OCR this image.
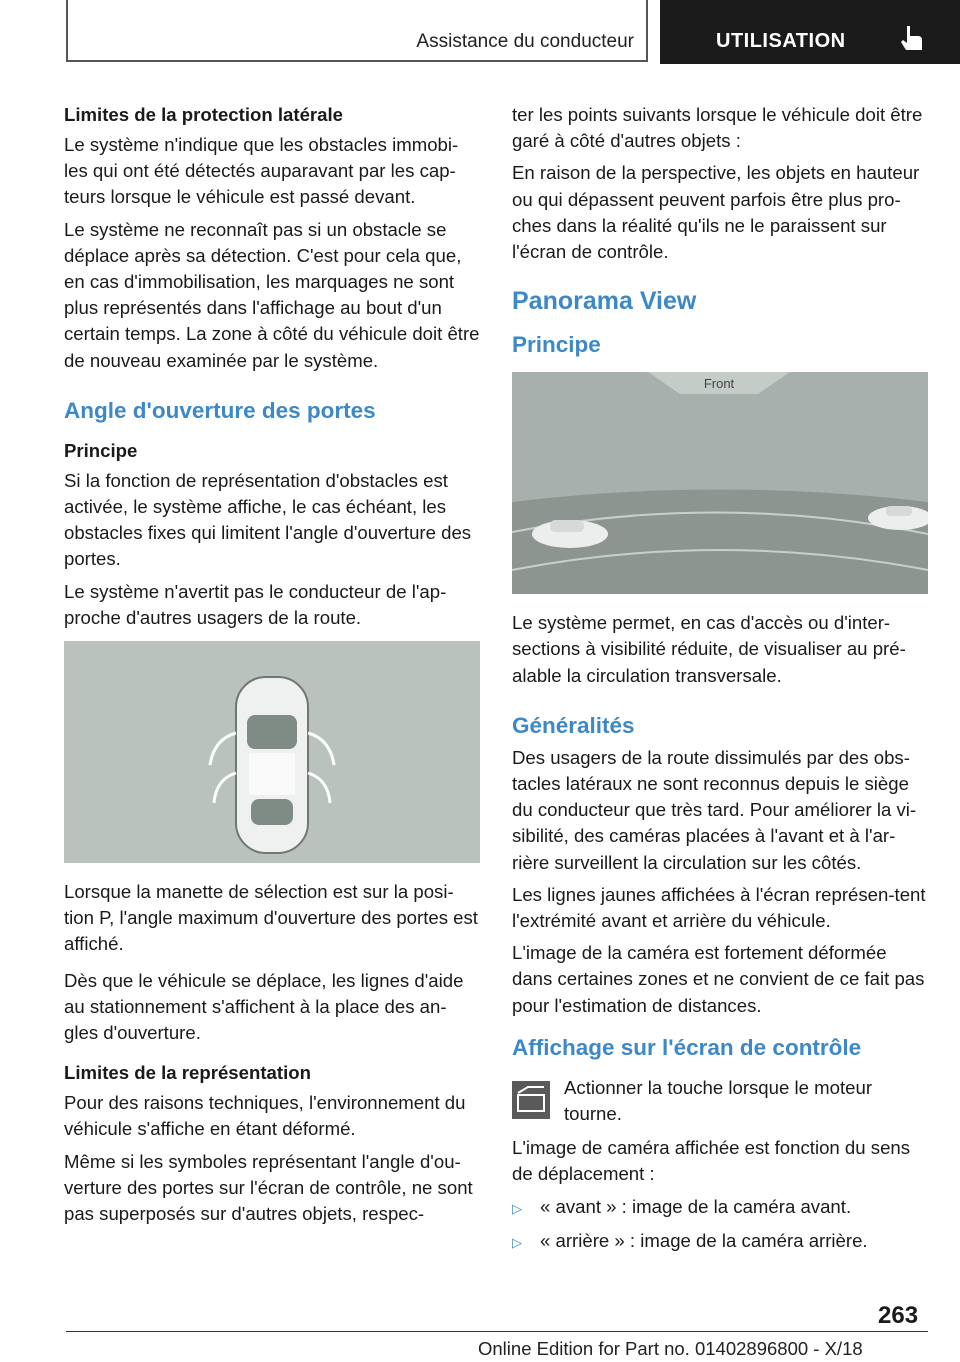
Assistance du conducteur	UTILISATION
Limites de la protection latérale

Le système n'indique que les obstacles immobi-les qui ont été détectés auparavant par les cap-teurs lorsque le véhicule est passé devant.

Le système ne reconnaît pas si un obstacle se déplace après sa détection. C'est pour cela que, en cas d'immobilisation, les marquages ne sont plus représentés dans l'affichage au bout d'un certain temps. La zone à côté du véhicule doit être de nouveau examinée par le système.

Angle d'ouverture des portes
Principe

Si la fonction de représentation d'obstacles est activée, le système affiche, le cas échéant, les obstacles fixes qui limitent l'angle d'ouverture des portes.

Le système n'avertit pas le conducteur de l'ap-proche d'autres usagers de la route.

Lorsque la manette de sélection est sur la posi-tion P, l'angle maximum d'ouverture des portes est affiché.

Dès que le véhicule se déplace, les lignes d'aide au stationnement s'affichent à la place des an-gles d'ouverture.

Limites de la représentation

Pour des raisons techniques, l'environnement du véhicule s'affiche en étant déformé.

Même si les symboles représentant l'angle d'ou-verture des portes sur l'écran de contrôle, ne sont pas superposés sur d'autres objets, respec-

ter les points suivants lorsque le véhicule doit être garé à côté d'autres objets :

En raison de la perspective, les objets en hauteur ou qui dépassent peuvent parfois être plus pro-ches dans la réalité qu'ils ne le paraissent sur l'écran de contrôle.

Panorama View
Principe
Front

Le système permet, en cas d'accès ou d'inter-sections à visibilité réduite, de visualiser au pré-alable la circulation transversale.

Généralités

Des usagers de la route dissimulés par des obs-tacles latéraux ne sont reconnus depuis le siège du conducteur que très tard. Pour améliorer la vi-sibilité, des caméras placées à l'avant et à l'ar-rière surveillent la circulation sur les côtés.

Les lignes jaunes affichées à l'écran représen-tent l'extrémité avant et arrière du véhicule.

L'image de la caméra est fortement déformée dans certaines zones et ne convient de ce fait pas pour l'estimation de distances.

Affichage sur l'écran de contrôle

Actionner la touche lorsque le moteur tourne.

L'image de caméra affichée est fonction du sens de déplacement :

▷ « avant » : image de la caméra avant.
▷ « arrière » : image de la caméra arrière.
263
Online Edition for Part no. 01402896800 - X/18
